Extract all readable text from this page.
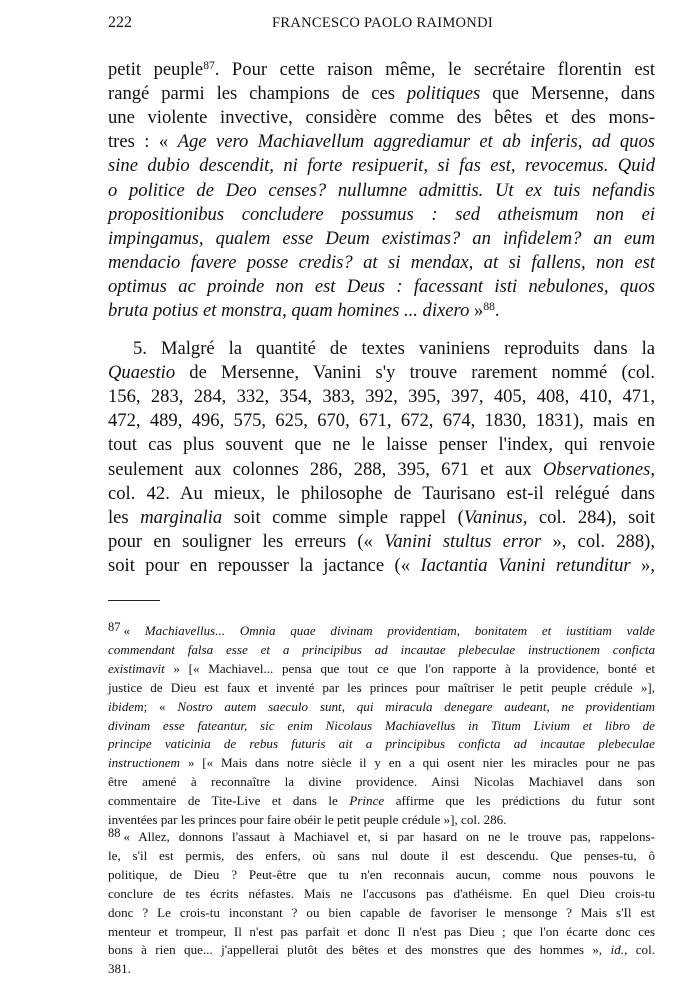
222	FRANCESCO PAOLO RAIMONDI
petit peuple$^{87}$. Pour cette raison même, le secrétaire florentin est
rangé parmi les champions de ces politiques que Mersenne, dans
une violente invective, considère comme des bêtes et des mons-
tres : « Age vero Machiavellum aggrediamur et ab inferis, ad quos
sine dubio descendit, ni forte resipuerit, si fas est, revocemus. Quid
o politice de Deo censes? nullumne admittis. Ut ex tuis nefandis
propositionibus concludere possumus : sed atheismum non ei
impingamus, qualem esse Deum existimas? an infidelem? an eum
mendacio favere posse credis? at si mendax, at si fallens, non est
optimus ac proinde non est Deus : facessant isti nebulones, quos
bruta potius et monstra, quam homines ... dixero »$^{88}$.
5. Malgré la quantité de textes vaniniens reproduits dans la
Quaestio de Mersenne, Vanini s'y trouve rarement nommé (col.
156, 283, 284, 332, 354, 383, 392, 395, 397, 405, 408, 410, 471,
472, 489, 496, 575, 625, 670, 671, 672, 674, 1830, 1831), mais en
tout cas plus souvent que ne le laisse penser l'index, qui renvoie
seulement aux colonnes 286, 288, 395, 671 et aux Observationes,
col. 42. Au mieux, le philosophe de Taurisano est-il relégué dans
les marginalia soit comme simple rappel (Vaninus, col. 284), soit
pour en souligner les erreurs (« Vanini stultus error », col. 288),
soit pour en repousser la jactance (« Iactantia Vanini retunditur »,
$^{87}$ « Machiavellus... Omnia quae divinam providentiam, bonitatem et iustitiam valde
commendant falsa esse et a principibus ad incautae plebeculae instructionem conficta
existimavit » [« Machiavel... pensa que tout ce que l'on rapporte à la providence, bonté et
justice de Dieu est faux et inventé par les princes pour maîtriser le petit peuple crédule »],
ibidem; « Nostro autem saeculo sunt, qui miracula denegare audeant, ne providentiam
divinam esse fateantur, sic enim Nicolaus Machiavellus in Titum Livium et libro de
principe vaticinia de rebus futuris ait a principibus conficta ad incautae plebeculae
instructionem » [« Mais dans notre siècle il y en a qui osent nier les miracles pour ne pas
être amené à reconnaître la divine providence. Ainsi Nicolas Machiavel dans son
commentaire de Tite-Live et dans le Prince affirme que les prédictions du futur sont
inventées par les princes pour faire obéir le petit peuple crédule »], col. 286.
$^{88}$ « Allez, donnons l'assaut à Machiavel et, si par hasard on ne le trouve pas, rappelons-
le, s'il est permis, des enfers, où sans nul doute il est descendu. Que penses-tu, ô
politique, de Dieu ? Peut-être que tu n'en reconnais aucun, comme nous pouvons le
conclure de tes écrits néfastes. Mais ne l'accusons pas d'athéisme. En quel Dieu crois-tu
donc ? Le crois-tu inconstant ? ou bien capable de favoriser le mensonge ? Mais s'Il est
menteur et trompeur, Il n'est pas parfait et donc Il n'est pas Dieu ; que l'on écarte donc ces
bons à rien que... j'appellerai plutôt des bêtes et des monstres que des hommes », id., col.
381.
